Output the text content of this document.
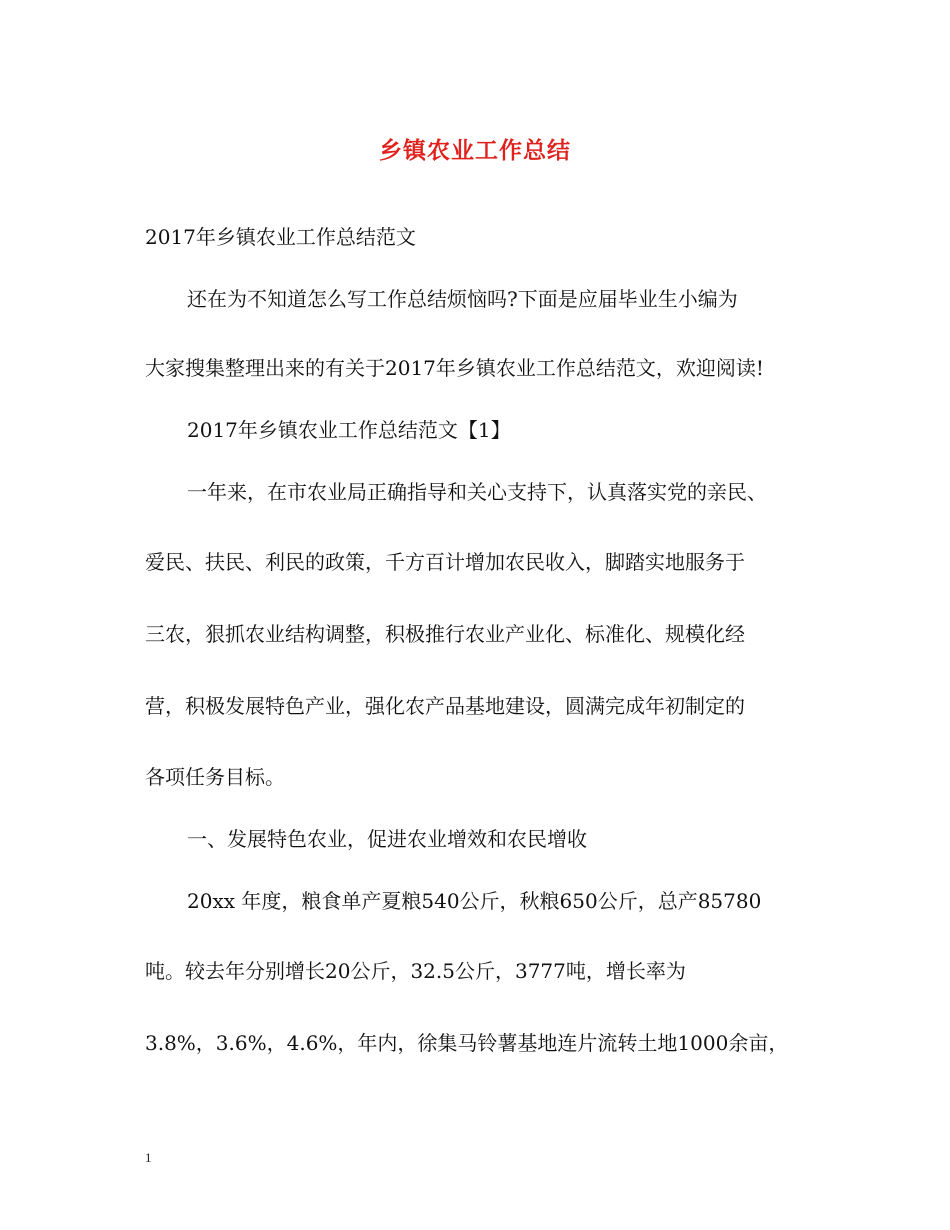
乡镇农业工作总结
2017年乡镇农业工作总结范文
还在为不知道怎么写工作总结烦恼吗?下面是应届毕业生小编为
大家搜集整理出来的有关于2017年乡镇农业工作总结范文，欢迎阅读!
2017年乡镇农业工作总结范文【1】
一年来，在市农业局正确指导和关心支持下，认真落实党的亲民、
爱民、扶民、利民的政策，千方百计增加农民收入，脚踏实地服务于
三农，狠抓农业结构调整，积极推行农业产业化、标准化、规模化经
营，积极发展特色产业，强化农产品基地建设，圆满完成年初制定的
各项任务目标。
一、发展特色农业，促进农业增效和农民增收
20xx 年度，粮食单产夏粮540公斤，秋粮650公斤，总产85780
吨。较去年分别增长20公斤，32.5公斤，3777吨，增长率为
3.8%，3.6%，4.6%，年内，徐集马铃薯基地连片流转土地1000余亩，
1
